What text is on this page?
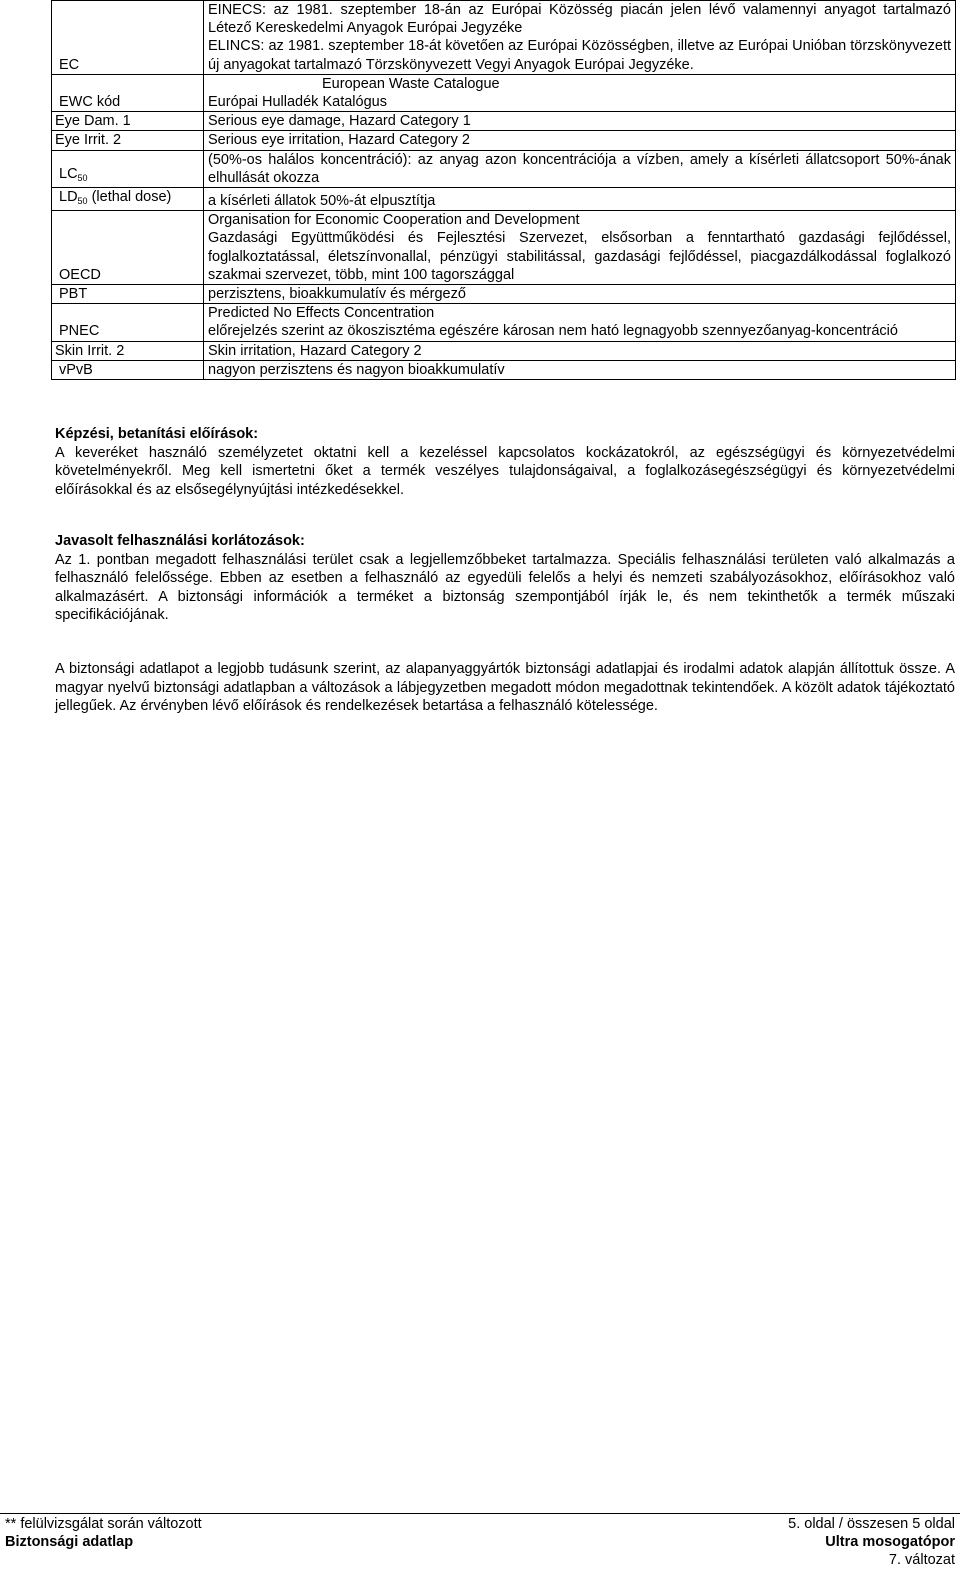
EC	EINECS: az 1981. szeptember 18-án az Európai Közösség piacán jelen lévő valamennyi anyagot tartalmazó Létező Kereskedelmi Anyagok Európai Jegyzéke
ELINCS: az 1981. szeptember 18-át követően az Európai Közösségben, illetve az Európai Unióban törzskönyvezett új anyagokat tartalmazó Törzskönyvezett Vegyi Anyagok Európai Jegyzéke.

EWC kód	European Waste Catalogue
Európai Hulladék Katalógus

Eye Dam. 1	Serious eye damage, Hazard Category 1
Eye Irrit. 2	Serious eye irritation, Hazard Category 2
$LC_{50}$	(50%-os halálos koncentráció): az anyag azon koncentrációja a vízben, amely a kísérleti állatcsoport 50%-ának elhullását okozza
$LD_{50}$ (lethal dose)	a kísérleti állatok 50%-át elpusztítja
OECD	Organisation for Economic Cooperation and Development
Gazdasági Együttműködési és Fejlesztési Szervezet, elsősorban a fenntartható gazdasági fejlődéssel, foglalkoztatással, életszínvonallal, pénzügyi stabilitással, gazdasági fejlődéssel, piacgazdálkodással foglalkozó szakmai szervezet, több, mint 100 tagországgal

PBT	perzisztens, bioakkumulatív és mérgező
PNEC	Predicted No Effects Concentration
előrejelzés szerint az ökoszisztéma egészére károsan nem ható legnagyobb szennyezőanyag-koncentráció

Skin Irrit. 2	Skin irritation, Hazard Category 2
vPvB	nagyon perzisztens és nagyon bioakkumulatív
Képzési, betanítási előírások:

A keveréket használó személyzetet oktatni kell a kezeléssel kapcsolatos kockázatokról, az egészségügyi és környezetvédelmi követelményekről. Meg kell ismertetni őket a termék veszélyes tulajdonságaival, a foglalkozásegészségügyi és környezetvédelmi előírásokkal és az elsősegélynyújtási intézkedésekkel.

Javasolt felhasználási korlátozások:

Az 1. pontban megadott felhasználási terület csak a legjellemzőbbeket tartalmazza. Speciális felhasználási területen való alkalmazás a felhasználó felelőssége. Ebben az esetben a felhasználó az egyedüli felelős a helyi és nemzeti szabályozásokhoz, előírásokhoz való alkalmazásért. A biztonsági információk a terméket a biztonság szempontjából írják le, és nem tekinthetők a termék műszaki specifikációjának.

A biztonsági adatlapot a legjobb tudásunk szerint, az alapanyaggyártók biztonsági adatlapjai és irodalmi adatok alapján állítottuk össze. A magyar nyelvű biztonsági adatlapban a változások a lábjegyzetben megadott módon megadottnak tekintendőek. A közölt adatok tájékoztató jellegűek. Az érvényben lévő előírások és rendelkezések betartása a felhasználó kötelessége.

** felülvizsgálat során változott
Biztonsági adatlap
5. oldal / összesen 5 oldal
Ultra mosogatópor
7. változat
